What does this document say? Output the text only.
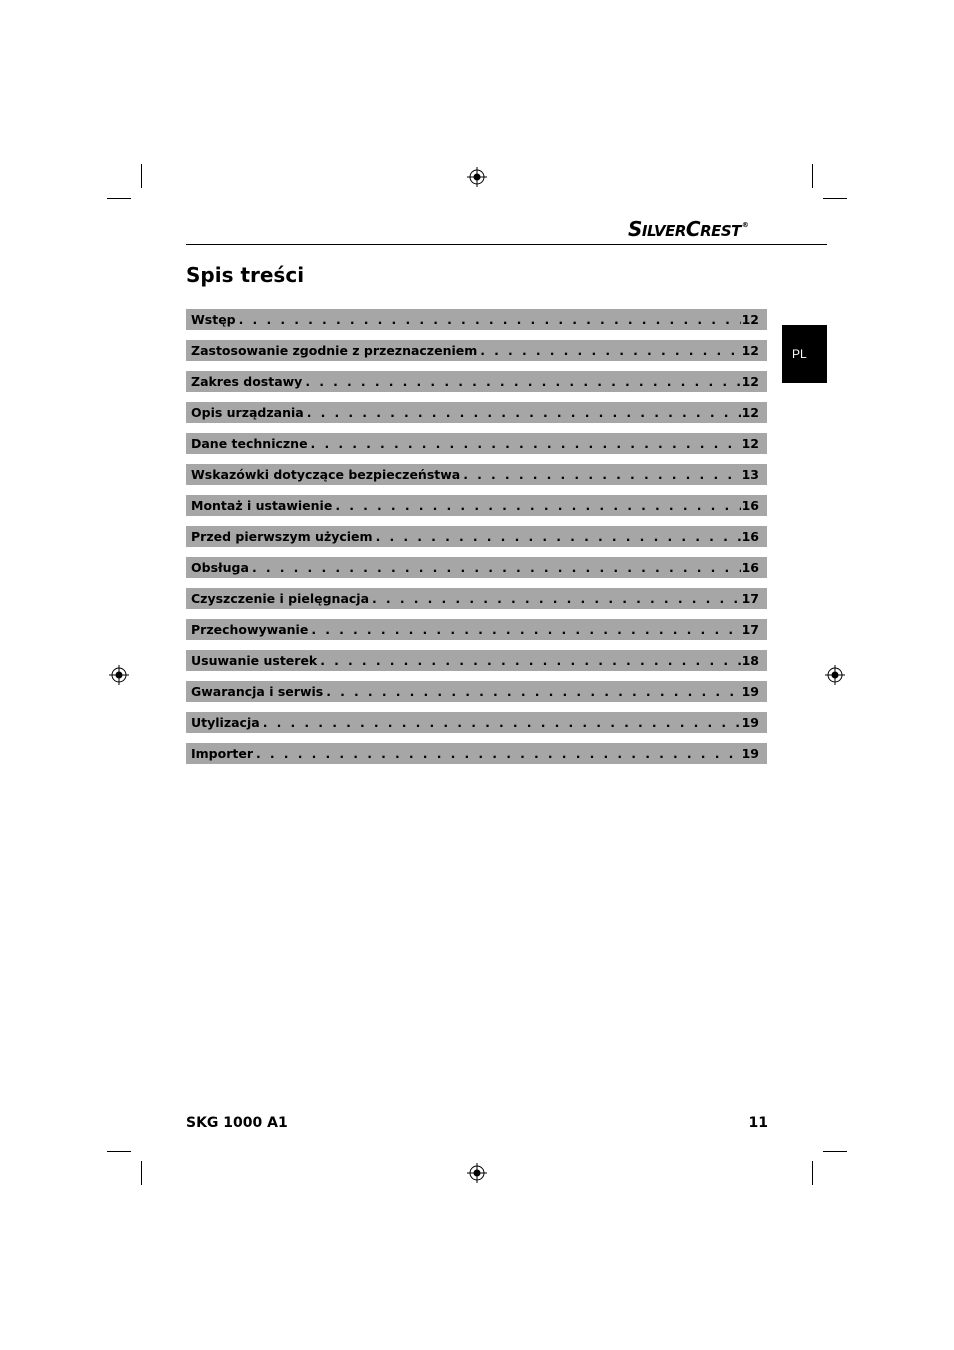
SILVERCREST®
Spis treści
PL
Wstęp . . .	12
Zastosowanie zgodnie z przeznaczeniem . . .	12
Zakres dostawy . . .	12
Opis urządzania . . .	12
Dane techniczne . . .	12
Wskazówki dotyczące bezpieczeństwa . . .	13
Montaż i ustawienie . . .	16
Przed pierwszym użyciem . . .	16
Obsługa . . .	16
Czyszczenie i pielęgnacja . . .	17
Przechowywanie . . .	17
Usuwanie usterek . . .	18
Gwarancja i serwis . . .	19
Utylizacja . . .	19
Importer . . .	19
SKG 1000 A1	11
